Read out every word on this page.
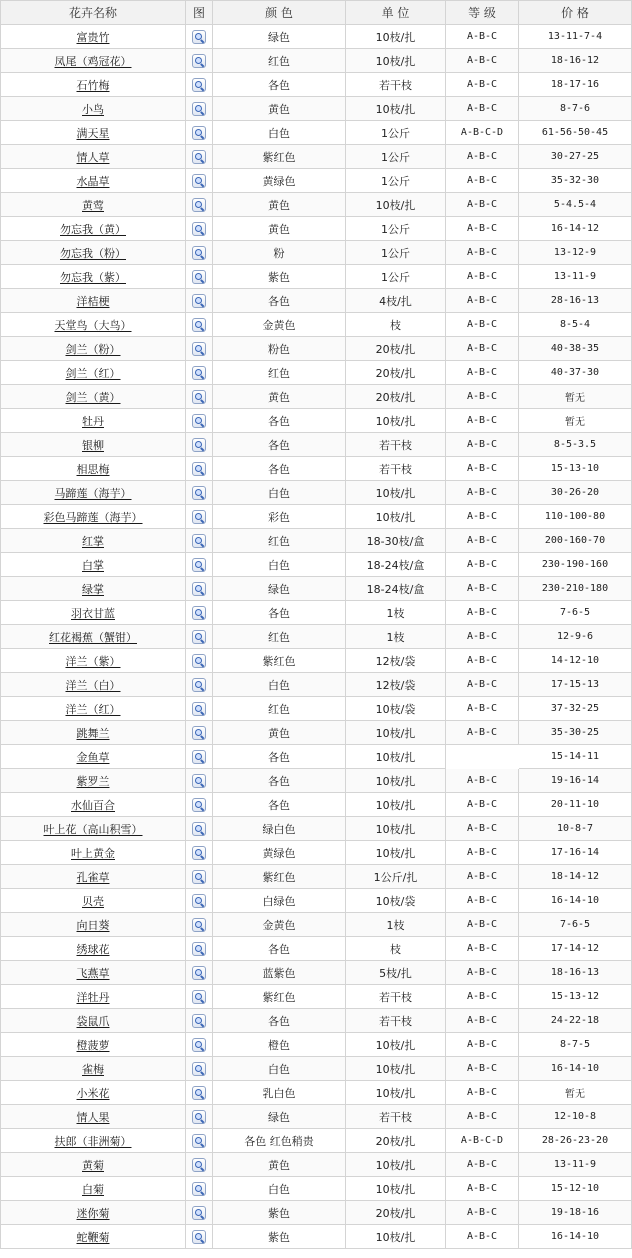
花卉名称	图	颜 色	单 位	等 级	价 格
富贵竹		绿色	10枝/扎	A-B-C	13-11-7-4
凤尾（鸡冠花）		红色	10枝/扎	A-B-C	18-16-12
石竹梅		各色	若干枝	A-B-C	18-17-16
小鸟		黄色	10枝/扎	A-B-C	8-7-6
满天星		白色	1公斤	A-B-C-D	61-56-50-45
情人草		紫红色	1公斤	A-B-C	30-27-25
水晶草		黄绿色	1公斤	A-B-C	35-32-30
黄莺		黄色	10枝/扎	A-B-C	5-4.5-4
勿忘我（黄）		黄色	1公斤	A-B-C	16-14-12
勿忘我（粉）		粉	1公斤	A-B-C	13-12-9
勿忘我（紫）		紫色	1公斤	A-B-C	13-11-9
洋桔梗		各色	4枝/扎	A-B-C	28-16-13
天堂鸟（大鸟）		金黄色	枝	A-B-C	8-5-4
剑兰（粉）		粉色	20枝/扎	A-B-C	40-38-35
剑兰（红）		红色	20枝/扎	A-B-C	40-37-30
剑兰（黄）		黄色	20枝/扎	A-B-C	暂无
牡丹		各色	10枝/扎	A-B-C	暂无
银柳		各色	若干枝	A-B-C	8-5-3.5
相思梅		各色	若干枝	A-B-C	15-13-10
马蹄莲（海芋）		白色	10枝/扎	A-B-C	30-26-20
彩色马蹄莲（海芋）		彩色	10枝/扎	A-B-C	110-100-80
红掌		红色	18-30枝/盒	A-B-C	200-160-70
白掌		白色	18-24枝/盒	A-B-C	230-190-160
绿掌		绿色	18-24枝/盒	A-B-C	230-210-180
羽衣甘蓝		各色	1枝	A-B-C	7-6-5
红花褐蕉（蟹钳）		红色	1枝	A-B-C	12-9-6
洋兰（紫）		紫红色	12枝/袋	A-B-C	14-12-10
洋兰（白）		白色	12枝/袋	A-B-C	17-15-13
洋兰（红）		红色	10枝/袋	A-B-C	37-32-25
跳舞兰		黄色	10枝/扎	A-B-C	35-30-25
金鱼草		各色	10枝/扎		15-14-11
紫罗兰		各色	10枝/扎	A-B-C	19-16-14
水仙百合		各色	10枝/扎	A-B-C	20-11-10
叶上花（高山积雪）		绿白色	10枝/扎	A-B-C	10-8-7
叶上黄金		黄绿色	10枝/扎	A-B-C	17-16-14
孔雀草		紫红色	1公斤/扎	A-B-C	18-14-12
贝壳		白绿色	10枝/袋	A-B-C	16-14-10
向日葵		金黄色	1枝	A-B-C	7-6-5
绣球花		各色	枝	A-B-C	17-14-12
飞燕草		蓝紫色	5枝/扎	A-B-C	18-16-13
洋牡丹		紫红色	若干枝	A-B-C	15-13-12
袋鼠爪		各色	若干枝	A-B-C	24-22-18
橙菠萝		橙色	10枝/扎	A-B-C	8-7-5
雀梅		白色	10枝/扎	A-B-C	16-14-10
小米花		乳白色	10枝/扎	A-B-C	暂无
情人果		绿色	若干枝	A-B-C	12-10-8
扶郎（非洲菊）		各色 红色稍贵	20枝/扎	A-B-C-D	28-26-23-20
黄菊		黄色	10枝/扎	A-B-C	13-11-9
白菊		白色	10枝/扎	A-B-C	15-12-10
迷你菊		紫色	20枝/扎	A-B-C	19-18-16
蛇鞭菊		紫色	10枝/扎	A-B-C	16-14-10
